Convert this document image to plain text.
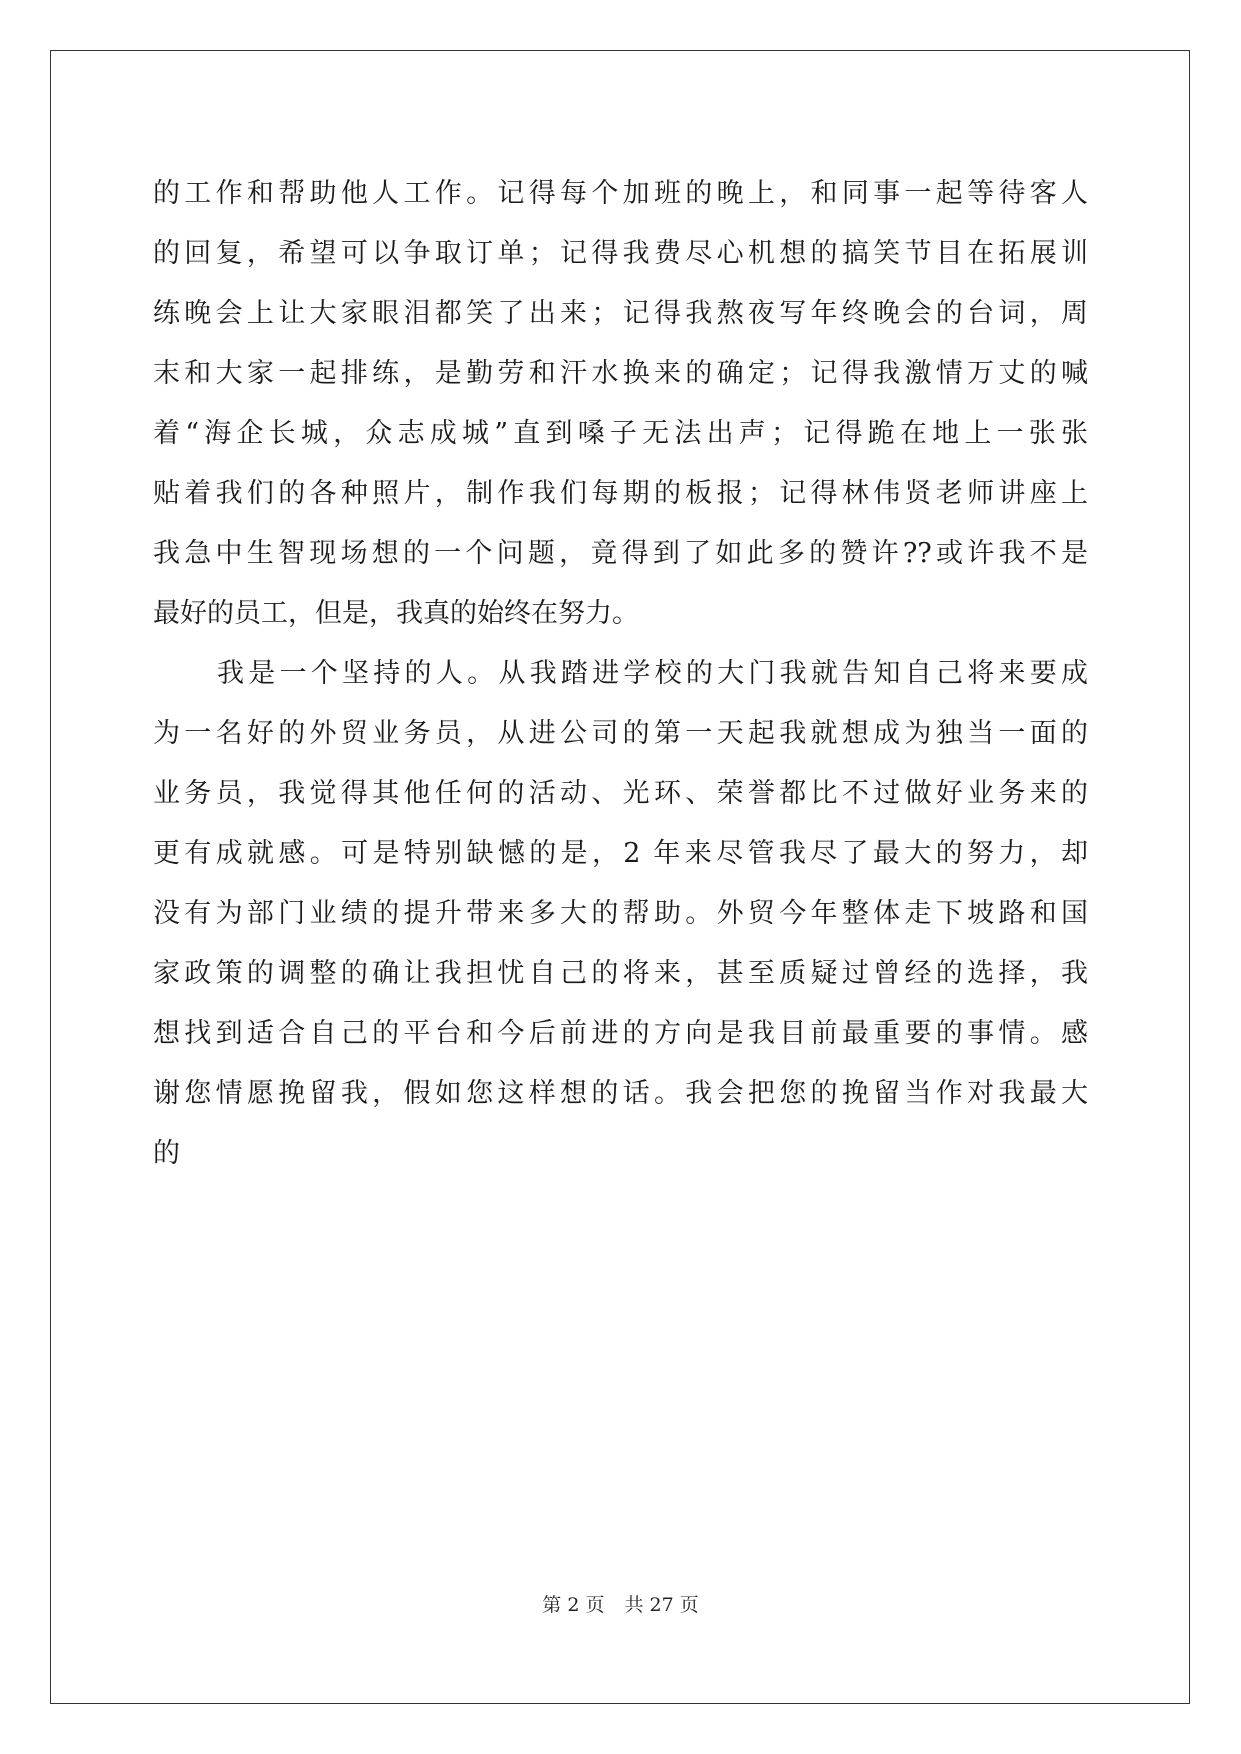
的工作和帮助他人工作。记得每个加班的晚上，和同事一起等待客人
的回复，希望可以争取订单；记得我费尽心机想的搞笑节目在拓展训
练晚会上让大家眼泪都笑了出来；记得我熬夜写年终晚会的台词，周
末和大家一起排练，是勤劳和汗水换来的确定；记得我激情万丈的喊
着“海企长城，众志成城”直到嗓子无法出声；记得跪在地上一张张
贴着我们的各种照片，制作我们每期的板报；记得林伟贤老师讲座上
我急中生智现场想的一个问题，竟得到了如此多的赞许??或许我不是
最好的员工，但是，我真的始终在努力。
我是一个坚持的人。从我踏进学校的大门我就告知自己将来要成
为一名好的外贸业务员，从进公司的第一天起我就想成为独当一面的
业务员，我觉得其他任何的活动、光环、荣誉都比不过做好业务来的
更有成就感。可是特别缺憾的是，2 年来尽管我尽了最大的努力，却
没有为部门业绩的提升带来多大的帮助。外贸今年整体走下坡路和国
家政策的调整的确让我担忧自己的将来，甚至质疑过曾经的选择，我
想找到适合自己的平台和今后前进的方向是我目前最重要的事情。感
谢您情愿挽留我，假如您这样想的话。我会把您的挽留当作对我最大
的
第 2 页 共 27 页
